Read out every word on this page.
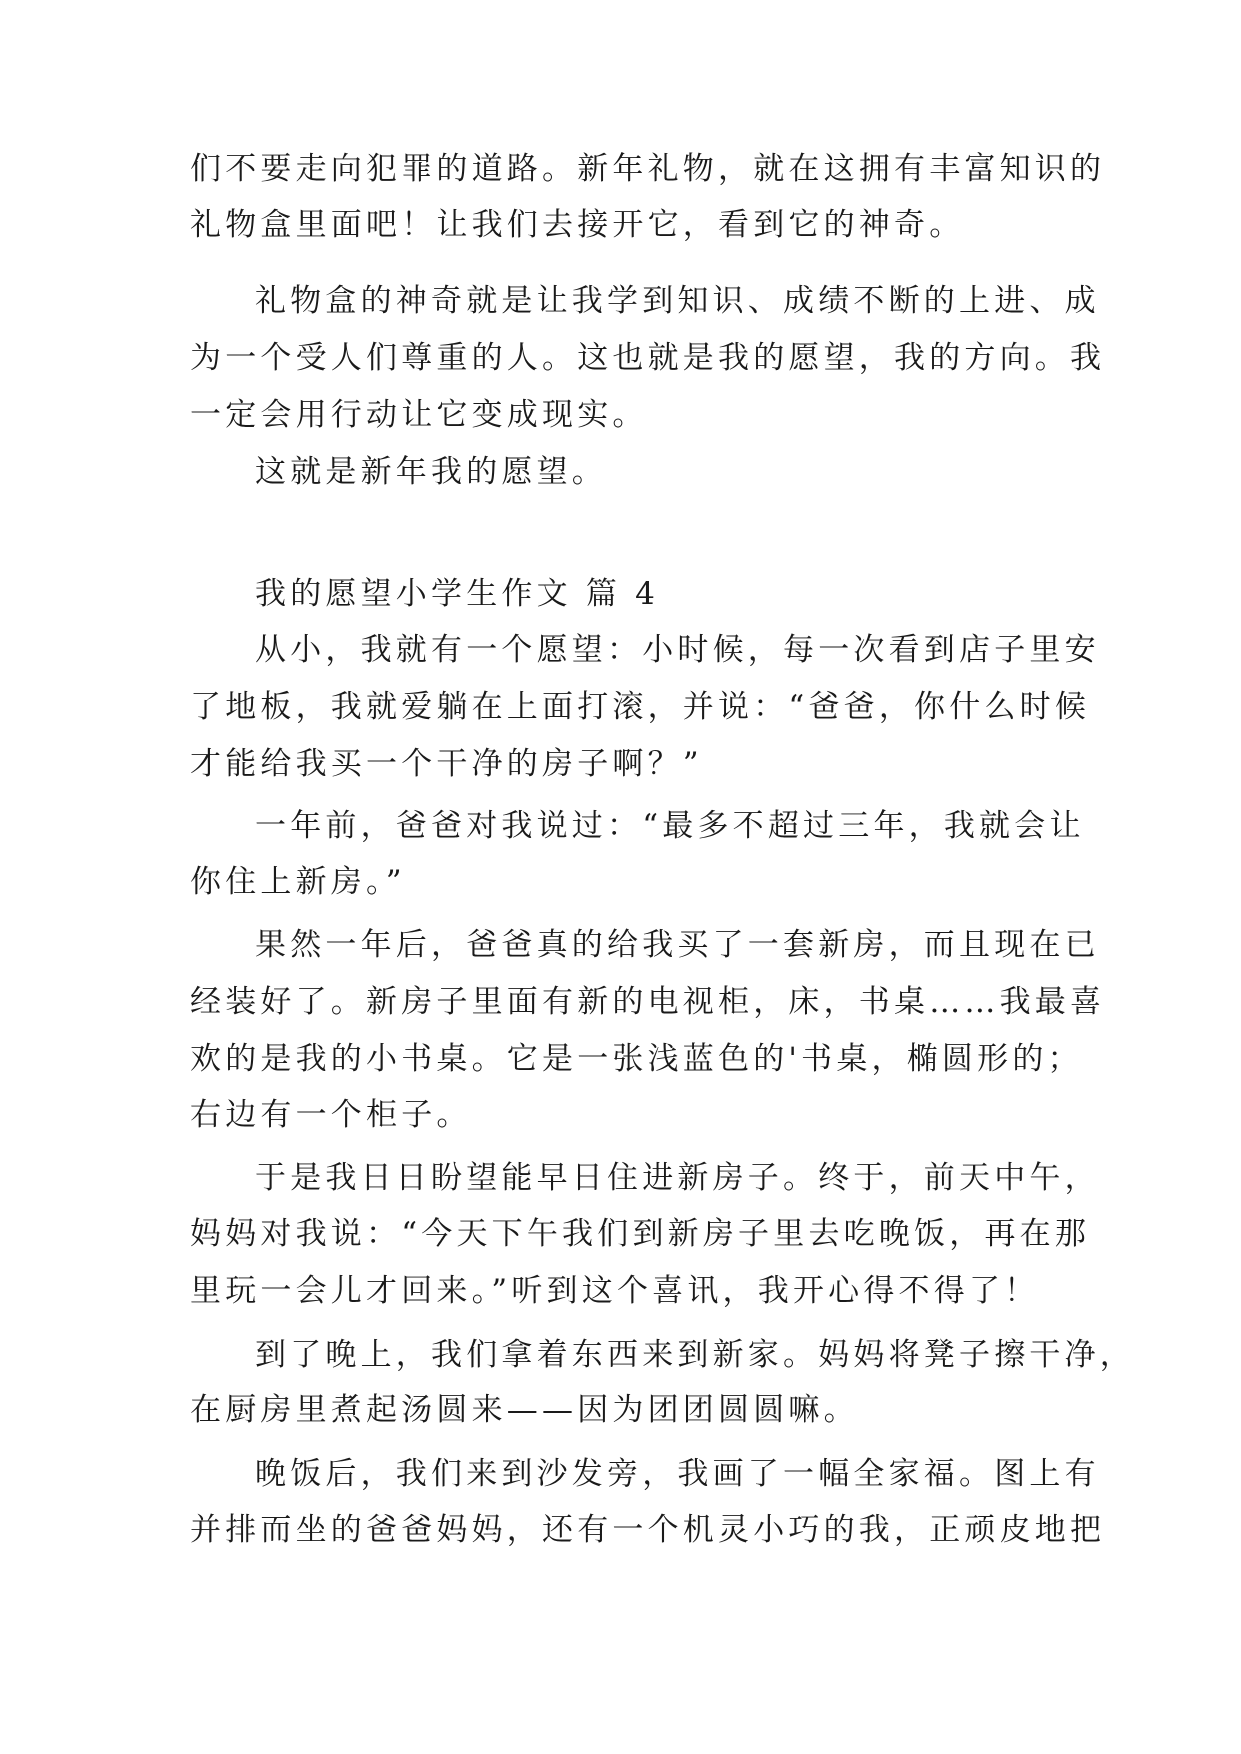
们不要走向犯罪的道路。新年礼物，就在这拥有丰富知识的
礼物盒里面吧！让我们去接开它，看到它的神奇。
礼物盒的神奇就是让我学到知识、成绩不断的上进、成
为一个受人们尊重的人。这也就是我的愿望，我的方向。我
一定会用行动让它变成现实。
这就是新年我的愿望。
我的愿望小学生作文 篇 4
从小，我就有一个愿望：小时候，每一次看到店子里安
了地板，我就爱躺在上面打滚，并说：“爸爸，你什么时候
才能给我买一个干净的房子啊？”
一年前，爸爸对我说过：“最多不超过三年，我就会让
你住上新房。”
果然一年后，爸爸真的给我买了一套新房，而且现在已
经装好了。新房子里面有新的电视柜，床，书桌……我最喜
欢的是我的小书桌。它是一张浅蓝色的'书桌，椭圆形的；
右边有一个柜子。
于是我日日盼望能早日住进新房子。终于，前天中午，
妈妈对我说：“今天下午我们到新房子里去吃晚饭，再在那
里玩一会儿才回来。”听到这个喜讯，我开心得不得了！
到了晚上，我们拿着东西来到新家。妈妈将凳子擦干净，
在厨房里煮起汤圆来——因为团团圆圆嘛。
晚饭后，我们来到沙发旁，我画了一幅全家福。图上有
并排而坐的爸爸妈妈，还有一个机灵小巧的我，正顽皮地把
